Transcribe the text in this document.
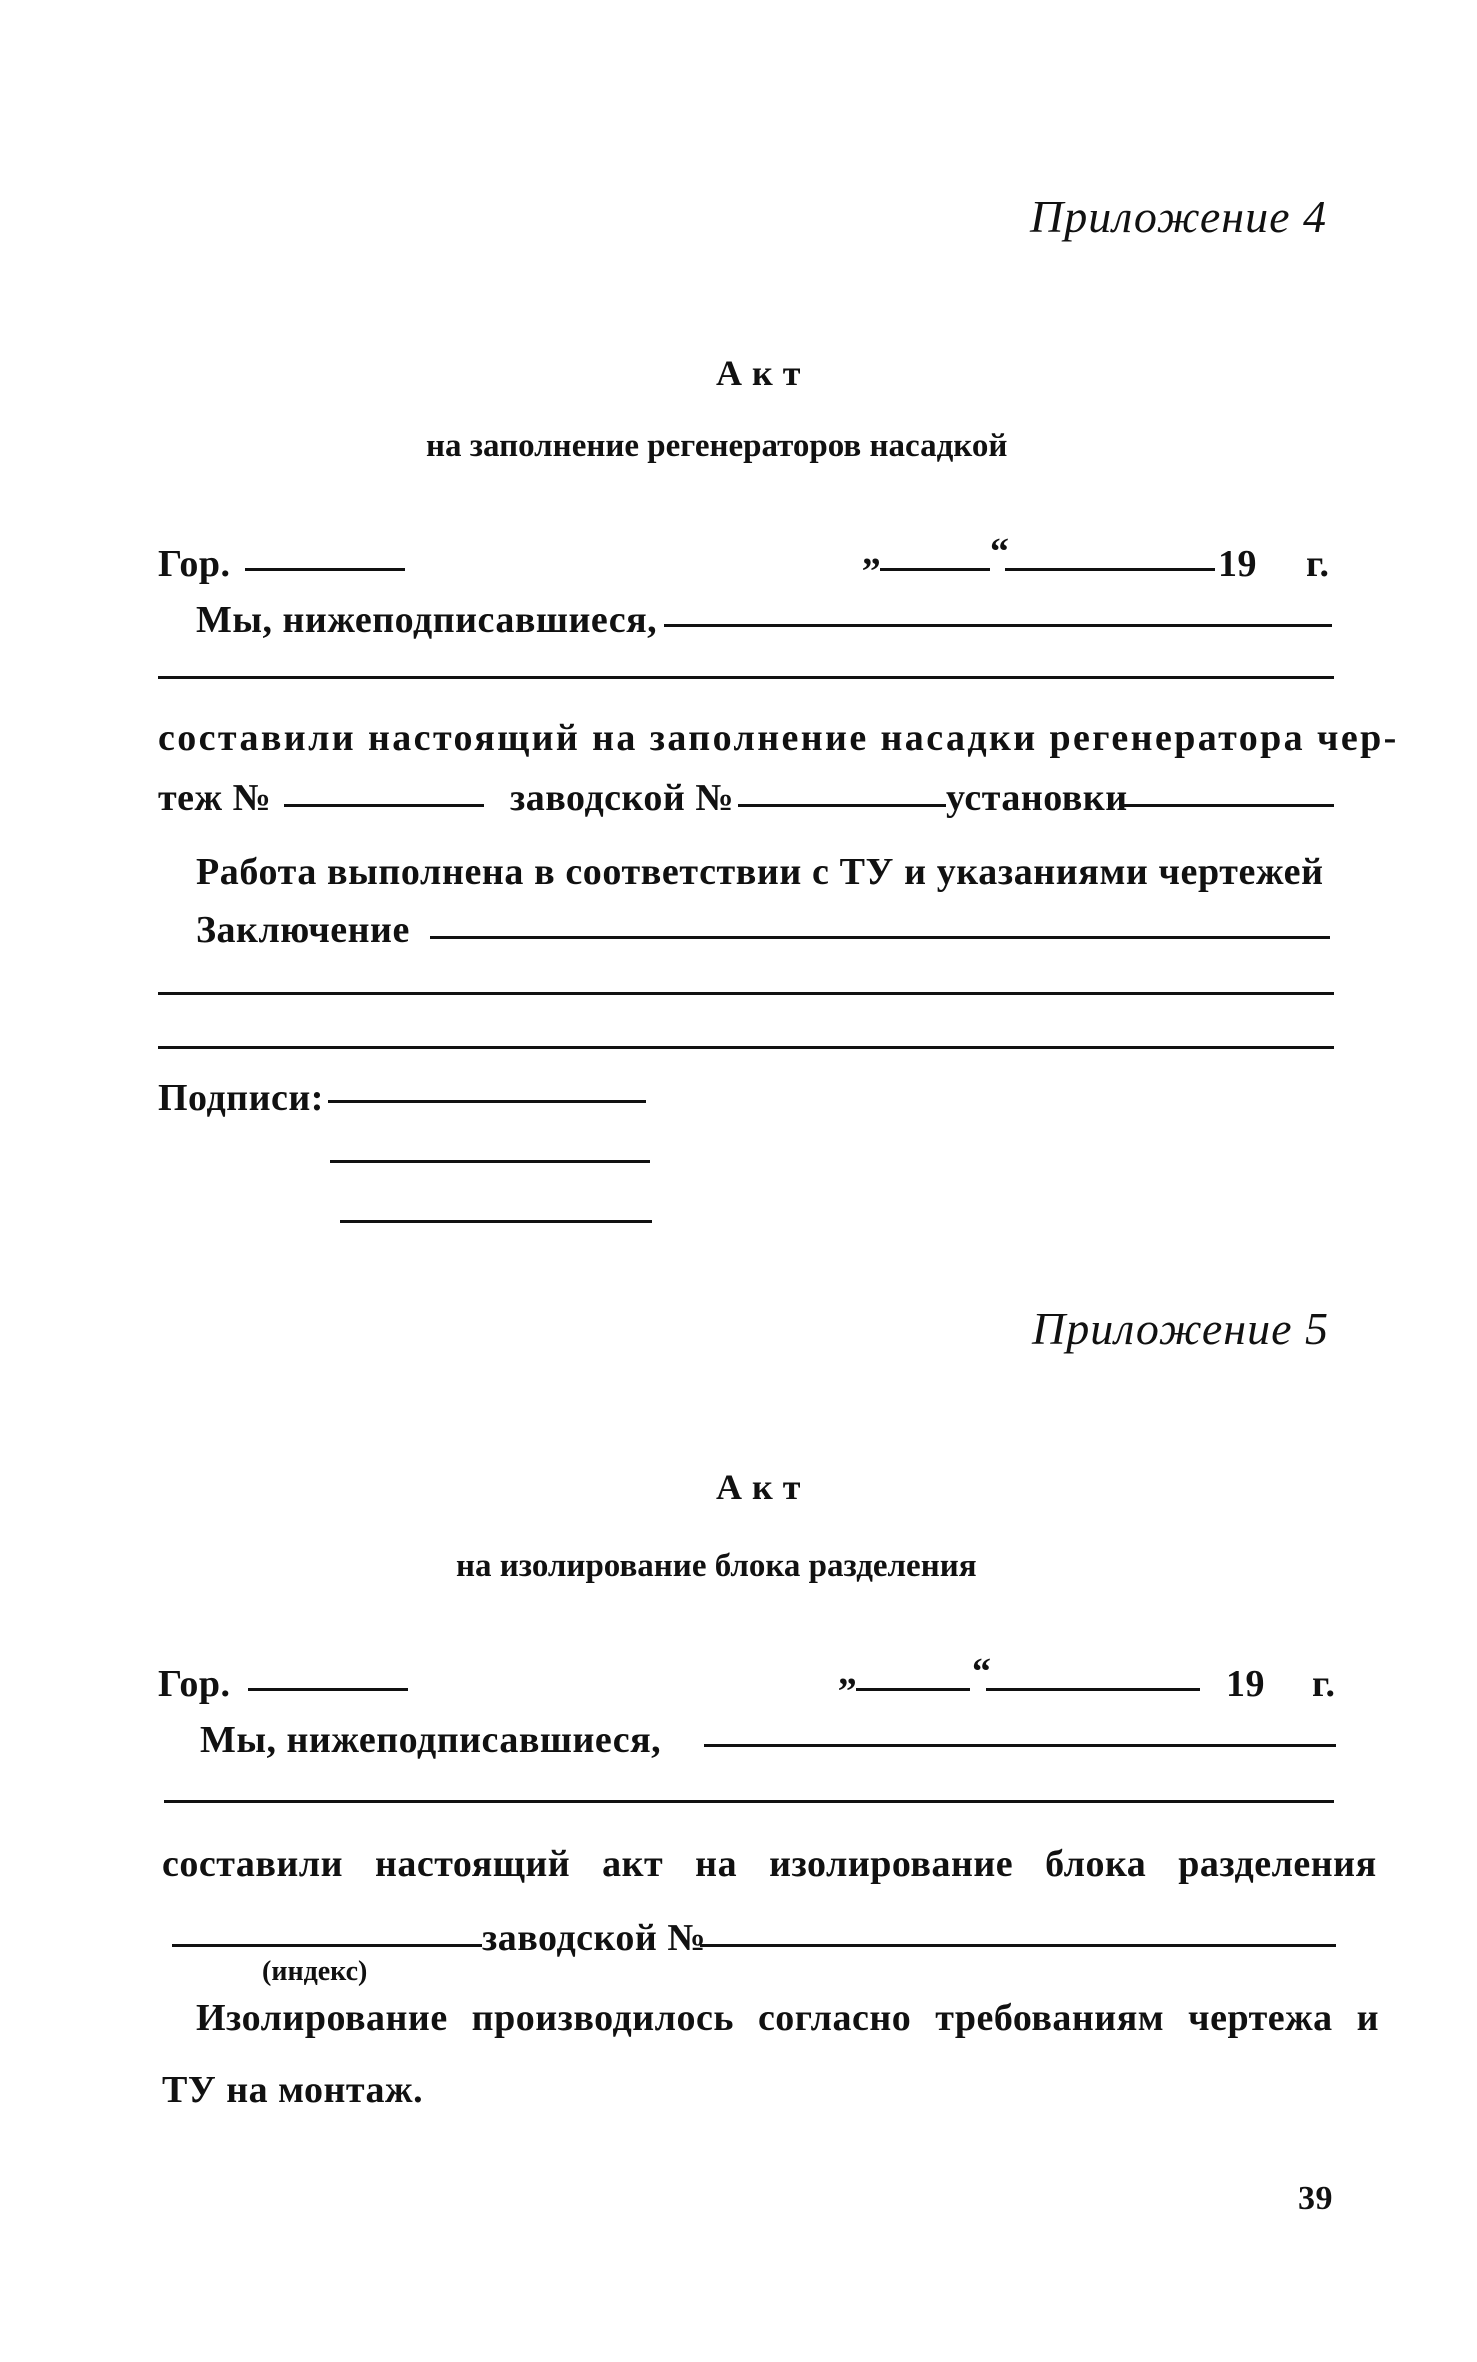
Приложение 4
Акт
на заполнение регенераторов насадкой
Гор.	„	“	19 г.
Мы, нижеподписавшиеся,
составили настоящий на заполнение насадки регенератора чер-
теж №	заводской №	установки
Работа выполнена в соответствии с ТУ и указаниями чертежей
Заключение
Подписи:
Приложение 5
Акт
на изолирование блока разделения
Гор.	„	“	19 г.
Мы, нижеподписавшиеся,
составили настоящий акт на изолирование блока разделения
заводской №
(индекс)
Изолирование производилось согласно требованиям чертежа и
ТУ на монтаж.
39
